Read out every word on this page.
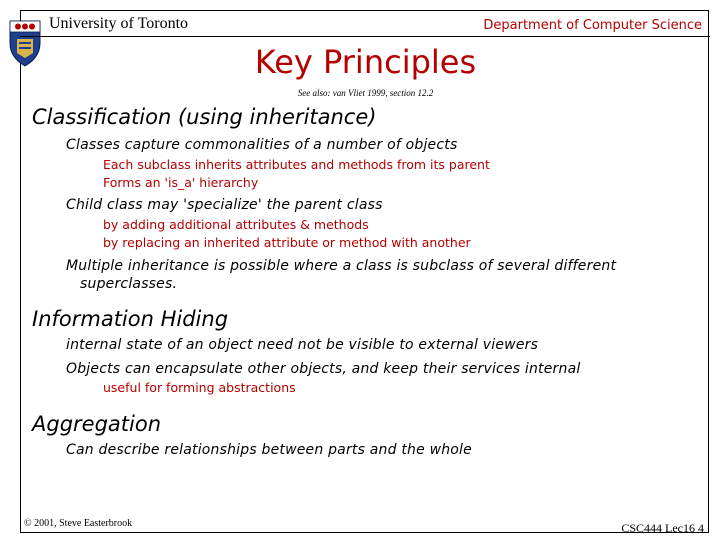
University of Toronto	Department of Computer Science
Key Principles
See also: van Vliet 1999, section 12.2
Classification (using inheritance)
Classes capture commonalities of a number of objects
Each subclass inherits attributes and methods from its parent
Forms an 'is_a' hierarchy
Child class may 'specialize' the parent class
by adding additional attributes & methods
by replacing an inherited attribute or method with another
Multiple inheritance is possible where a class is subclass of several different
superclasses.
Information Hiding
internal state of an object need not be visible to external viewers
Objects can encapsulate other objects, and keep their services internal
useful for forming abstractions
Aggregation
Can describe relationships between parts and the whole
© 2001, Steve Easterbrook	CSC444 Lec16 4
